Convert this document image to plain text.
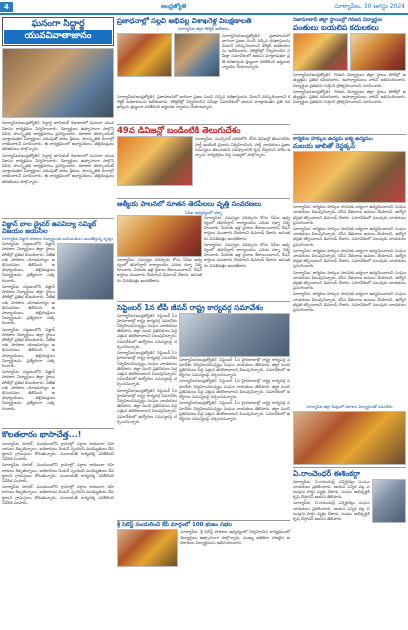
4	ఆంధ్రజ్యోతి	సూర్యాపేట, 30 ఆగస్టు 2024
ఘనంగా సిద్ధార్థ
యువవివాతాజానం

సూర్యాపేట(ఆంధ్రజ్యోతి): సిద్ధార్థ జూనియర్ కళాశాలలో ఘనంగా యువవికాసం కార్యక్రమం నిర్వహించారు. విద్యార్థులు ఉత్సాహంగా పాల్గొని వివిధ సాంస్కృతిక కార్యక్రమాలు ప్రదర్శించారు. కళాశాల కరస్పాండెంట్ మాట్లాడుతూ విద్యార్థులు చదువుతో పాటు క్రీడలు, సాంస్కృతిక రంగాల్లో రాణించాలని సూచించారు. ఈ కార్యక్రమంలో అధ్యాపకులు, తల్లిదండ్రులు తదితరులు పాల్గొన్నారు.

సూర్యాపేట(ఆంధ్రజ్యోతి): సిద్ధార్థ జూనియర్ కళాశాలలో ఘనంగా యువవికాసం కార్యక్రమం నిర్వహించారు. విద్యార్థులు ఉత్సాహంగా పాల్గొని వివిధ సాంస్కృతిక కార్యక్రమాలు ప్రదర్శించారు. కళాశాల కరస్పాండెంట్ మాట్లాడుతూ విద్యార్థులు చదువుతో పాటు క్రీడలు, సాంస్కృతిక రంగాల్లో రాణించాలని సూచించారు. ఈ కార్యక్రమంలో అధ్యాపకులు, తల్లిదండ్రులు తదితరులు పాల్గొన్నారు.

విజ్ఞాన్ బాల డ్రైవర్ ఉపవిద్యా సమ్మిట్ విజయం జయసిల
సూర్యాపేట విజ్ఞాన్ పాఠశాల విద్యార్థులకు బహుమతులు అందజేస్తున్న దృశ్యం

సూర్యాపేట పట్టణంలోని విజ్ఞాన్ పాఠశాల విద్యార్థులు జిల్లా స్థాయి పోటీల్లో ప్రతిభ కనబరిచారు. విజేతలకు పాఠశాల యాజమాన్యం అభినందనలు తెలిపింది. ఉపాధ్యాయులు, తల్లిదండ్రులు విద్యార్థులను ప్రత్యేకంగా సత్కరించారు.

సూర్యాపేట పట్టణంలోని విజ్ఞాన్ పాఠశాల విద్యార్థులు జిల్లా స్థాయి పోటీల్లో ప్రతిభ కనబరిచారు. విజేతలకు పాఠశాల యాజమాన్యం అభినందనలు తెలిపింది. ఉపాధ్యాయులు, తల్లిదండ్రులు విద్యార్థులను ప్రత్యేకంగా సత్కరించారు.

సూర్యాపేట పట్టణంలోని విజ్ఞాన్ పాఠశాల విద్యార్థులు జిల్లా స్థాయి పోటీల్లో ప్రతిభ కనబరిచారు. విజేతలకు పాఠశాల యాజమాన్యం అభినందనలు తెలిపింది. ఉపాధ్యాయులు, తల్లిదండ్రులు విద్యార్థులను ప్రత్యేకంగా సత్కరించారు.

సూర్యాపేట పట్టణంలోని విజ్ఞాన్ పాఠశాల విద్యార్థులు జిల్లా స్థాయి పోటీల్లో ప్రతిభ కనబరిచారు. విజేతలకు పాఠశాల యాజమాన్యం అభినందనలు తెలిపింది. ఉపాధ్యాయులు, తల్లిదండ్రులు విద్యార్థులను ప్రత్యేకంగా సత్కరించారు.

కొలతలారం భాసాచేత్త...!

సూర్యాపేట రూరల్: మండలంలోని గ్రామాల్లో వర్షాల కారణంగా రహదారులు దెబ్బతిన్నాయి. అధికారులు వెంటనే స్పందించి మరమ్మతులు చేపట్టాలని గ్రామస్తులు కోరుతున్నారు. పంచాయతీ కార్యదర్శి పరిశీలించి నివేదిక పంపారు.

సూర్యాపేట రూరల్: మండలంలోని గ్రామాల్లో వర్షాల కారణంగా రహదారులు దెబ్బతిన్నాయి. అధికారులు వెంటనే స్పందించి మరమ్మతులు చేపట్టాలని గ్రామస్తులు కోరుతున్నారు. పంచాయతీ కార్యదర్శి పరిశీలించి నివేదిక పంపారు.

సూర్యాపేట రూరల్: మండలంలోని గ్రామాల్లో వర్షాల కారణంగా రహదారులు దెబ్బతిన్నాయి. అధికారులు వెంటనే స్పందించి మరమ్మతులు చేపట్టాలని గ్రామస్తులు కోరుతున్నారు. పంచాయతీ కార్యదర్శి పరిశీలించి నివేదిక పంపారు.

ప్రజాధనాల్లో సల్లవి అభివల్ల విశాఖగెళ్ల విలక్షణాలతి
సూర్యాపేట జిల్లా కలెక్టర్ ఆదేశాలు
సూర్యాపేట(ఆంధ్రజ్యోతి): ప్రజాపాలనలో భాగంగా ప్రజల నుంచి వచ్చిన దరఖాస్తులను వెంటనే పరిష్కరించాలని కలెక్టర్ అధికారులను ఆదేశించారు. కలెక్టరేట్లో నిర్వహించిన సమీక్షా సమావేశంలో ఆయన మాట్లాడుతూ ప్రతి దరఖాస్తును క్షుణ్ణంగా పరిశీలించి అర్హులకు న్యాయం చేయాలన్నారు.
సూర్యాపేట(ఆంధ్రజ్యోతి): ప్రజాపాలనలో భాగంగా ప్రజల నుంచి వచ్చిన దరఖాస్తులను వెంటనే పరిష్కరించాలని కలెక్టర్ అధికారులను ఆదేశించారు. కలెక్టరేట్లో నిర్వహించిన సమీక్షా సమావేశంలో ఆయన మాట్లాడుతూ ప్రతి దరఖాస్తును క్షుణ్ణంగా పరిశీలించి అర్హులకు న్యాయం చేయాలన్నారు.
49వ డివిజన్లో బండింటికి తెలుగుదేశం
సూర్యాపేట: మున్సిపల్ పరిధిలోని 49వ డివిజన్లో తెలుగుదేశం పార్టీ ఇంటింటి ప్రచారం నిర్వహించింది. పార్టీ నాయకులు ప్రజల సమస్యలు తెలుసుకుని పరిష్కారానికి కృషి చేస్తామని హామీ ఇచ్చారు. కార్యకర్తలు పెద్ద సంఖ్యలో పాల్గొన్నారు.
ఆత్మీయ పాలనలో నూతన తెరపేలలు వృత్తి సంవరణలు
సీపీఐ ఆధ్వర్యంలో ధర్నా
సూర్యాపేట: సమస్యల పరిష్కారం కోసం సీపీఐ ఆధ్వర్యంలో తహసీల్దార్ కార్యాలయం ఎదుట ధర్నా నిర్వహించారు. పేదలకు ఇళ్ల స్థలాలు కేటాయించాలని, రేషన్ కార్డులు మంజూరు చేయాలని డిమాండ్ చేశారు. అనంతరం వినతిపత్రం అందజేశారు.

సూర్యాపేట: సమస్యల పరిష్కారం కోసం సీపీఐ ఆధ్వర్యంలో తహసీల్దార్ కార్యాలయం ఎదుట ధర్నా నిర్వహించారు. పేదలకు ఇళ్ల స్థలాలు కేటాయించాలని, రేషన్ కార్డులు మంజూరు చేయాలని డిమాండ్ చేశారు. అనంతరం వినతిపత్రం అందజేశారు.

సూర్యాపేట: సమస్యల పరిష్కారం కోసం సీపీఐ ఆధ్వర్యంలో తహసీల్దార్ కార్యాలయం ఎదుట ధర్నా నిర్వహించారు. పేదలకు ఇళ్ల స్థలాలు కేటాయించాలని, రేషన్ కార్డులు మంజూరు చేయాలని డిమాండ్ చేశారు. అనంతరం వినతిపత్రం అందజేశారు.

సెప్టెంబర్ 1న టీపీ జీవన్ రాష్ట్ర కార్యవర్గ సమావేశం

సూర్యాపేట(ఆంధ్రజ్యోతి): సెప్టెంబర్ 1న హైదరాబాద్లో రాష్ట్ర కార్యవర్గ సమావేశం నిర్వహించనున్నట్లు సంఘం నాయకులు తెలిపారు. జిల్లా నుంచి ప్రతినిధులు పెద్ద ఎత్తున తరలిరావాలని పిలుపునిచ్చారు. సమావేశంలో ఉద్యోగుల సమస్యలపై చర్చించనున్నారు.

సూర్యాపేట(ఆంధ్రజ్యోతి): సెప్టెంబర్ 1న హైదరాబాద్లో రాష్ట్ర కార్యవర్గ సమావేశం నిర్వహించనున్నట్లు సంఘం నాయకులు తెలిపారు. జిల్లా నుంచి ప్రతినిధులు పెద్ద ఎత్తున తరలిరావాలని పిలుపునిచ్చారు. సమావేశంలో ఉద్యోగుల సమస్యలపై చర్చించనున్నారు.

సూర్యాపేట(ఆంధ్రజ్యోతి): సెప్టెంబర్ 1న హైదరాబాద్లో రాష్ట్ర కార్యవర్గ సమావేశం నిర్వహించనున్నట్లు సంఘం నాయకులు తెలిపారు. జిల్లా నుంచి ప్రతినిధులు పెద్ద ఎత్తున తరలిరావాలని పిలుపునిచ్చారు. సమావేశంలో ఉద్యోగుల సమస్యలపై చర్చించనున్నారు.

సూర్యాపేట(ఆంధ్రజ్యోతి): సెప్టెంబర్ 1న హైదరాబాద్లో రాష్ట్ర కార్యవర్గ సమావేశం నిర్వహించనున్నట్లు సంఘం నాయకులు తెలిపారు. జిల్లా నుంచి ప్రతినిధులు పెద్ద ఎత్తున తరలిరావాలని పిలుపునిచ్చారు. సమావేశంలో ఉద్యోగుల సమస్యలపై చర్చించనున్నారు.

సూర్యాపేట(ఆంధ్రజ్యోతి): సెప్టెంబర్ 1న హైదరాబాద్లో రాష్ట్ర కార్యవర్గ సమావేశం నిర్వహించనున్నట్లు సంఘం నాయకులు తెలిపారు. జిల్లా నుంచి ప్రతినిధులు పెద్ద ఎత్తున తరలిరావాలని పిలుపునిచ్చారు. సమావేశంలో ఉద్యోగుల సమస్యలపై చర్చించనున్నారు.

సూర్యాపేట(ఆంధ్రజ్యోతి): సెప్టెంబర్ 1న హైదరాబాద్లో రాష్ట్ర కార్యవర్గ సమావేశం నిర్వహించనున్నట్లు సంఘం నాయకులు తెలిపారు. జిల్లా నుంచి ప్రతినిధులు పెద్ద ఎత్తున తరలిరావాలని పిలుపునిచ్చారు. సమావేశంలో ఉద్యోగుల సమస్యలపై చర్చించనున్నారు.

శ్రీ సెలెస్ట్ సంయలించి కేపీ మార్గంలో 100 భుజం సభల
సూర్యాపేట: శ్రీ సెలెస్ట్ పాఠశాల ఆధ్వర్యంలో నిర్వహించిన కార్యక్రమంలో విద్యార్థులు ఉత్సాహంగా పాల్గొన్నారు. ముఖ్య అతిథిగా హాజరైన అధికారులు విద్యార్థులను అభినందించారు.
నిజామాబాద్ జిల్లా స్థాయిల్లో గిరిజన విద్యార్థుల
పంతులు బయలిప కదులకలు

సూర్యాపేట(ఆంధ్రజ్యోతి): గిరిజన విద్యార్థులు జిల్లా స్థాయి పోటీల్లో అత్యుత్తమ ప్రతిభ కనబరిచారు. ఉపాధ్యాయులు వారిని అభినందించారు. విద్యార్థుల ప్రతిభను గుర్తించి ప్రోత్సహించాలని సూచించారు.

సూర్యాపేట(ఆంధ్రజ్యోతి): గిరిజన విద్యార్థులు జిల్లా స్థాయి పోటీల్లో అత్యుత్తమ ప్రతిభ కనబరిచారు. ఉపాధ్యాయులు వారిని అభినందించారు. విద్యార్థుల ప్రతిభను గుర్తించి ప్రోత్సహించాలని సూచించారు.

కార్మికుల హక్కుల ఉద్యమ ఐక్య ఉద్యమం
మలయ జాబితో రెస్టక్కన్

సూర్యాపేట: కార్మికుల హక్కుల సాధనకు ఐక్యంగా ఉద్యమించాలని సంఘం నాయకులు పిలుపునిచ్చారు. కనీస వేతనాలు అమలు చేయాలని, ఉద్యోగ భద్రత కల్పించాలని డిమాండ్ చేశారు. సమావేశంలో పలువురు నాయకులు ప్రసంగించారు.

సూర్యాపేట: కార్మికుల హక్కుల సాధనకు ఐక్యంగా ఉద్యమించాలని సంఘం నాయకులు పిలుపునిచ్చారు. కనీస వేతనాలు అమలు చేయాలని, ఉద్యోగ భద్రత కల్పించాలని డిమాండ్ చేశారు. సమావేశంలో పలువురు నాయకులు ప్రసంగించారు.

సూర్యాపేట: కార్మికుల హక్కుల సాధనకు ఐక్యంగా ఉద్యమించాలని సంఘం నాయకులు పిలుపునిచ్చారు. కనీస వేతనాలు అమలు చేయాలని, ఉద్యోగ భద్రత కల్పించాలని డిమాండ్ చేశారు. సమావేశంలో పలువురు నాయకులు ప్రసంగించారు.

సూర్యాపేట: కార్మికుల హక్కుల సాధనకు ఐక్యంగా ఉద్యమించాలని సంఘం నాయకులు పిలుపునిచ్చారు. కనీస వేతనాలు అమలు చేయాలని, ఉద్యోగ భద్రత కల్పించాలని డిమాండ్ చేశారు. సమావేశంలో పలువురు నాయకులు ప్రసంగించారు.

సూర్యాపేట: కార్మికుల హక్కుల సాధనకు ఐక్యంగా ఉద్యమించాలని సంఘం నాయకులు పిలుపునిచ్చారు. కనీస వేతనాలు అమలు చేయాలని, ఉద్యోగ భద్రత కల్పించాలని డిమాండ్ చేశారు. సమావేశంలో పలువురు నాయకులు ప్రసంగించారు.

సూర్యాపేట జిల్లా కేంద్రంలో కళాశాల విద్యార్థులతో సమావేశం
ఏ.రాంచెంధర్ ఈశింకర్గా

సూర్యాపేట: ఏ.రామచంద్ర్ ఎన్నికైనట్లు సంఘం నాయకులు ప్రకటించారు. ఆయన ఎన్నిక పట్ల పలువురు హర్షం వ్యక్తం చేశారు. సంఘం అభివృద్ధికి కృషి చేస్తానని ఆయన తెలిపారు.

సూర్యాపేట: ఏ.రామచంద్ర్ ఎన్నికైనట్లు సంఘం నాయకులు ప్రకటించారు. ఆయన ఎన్నిక పట్ల పలువురు హర్షం వ్యక్తం చేశారు. సంఘం అభివృద్ధికి కృషి చేస్తానని ఆయన తెలిపారు.
